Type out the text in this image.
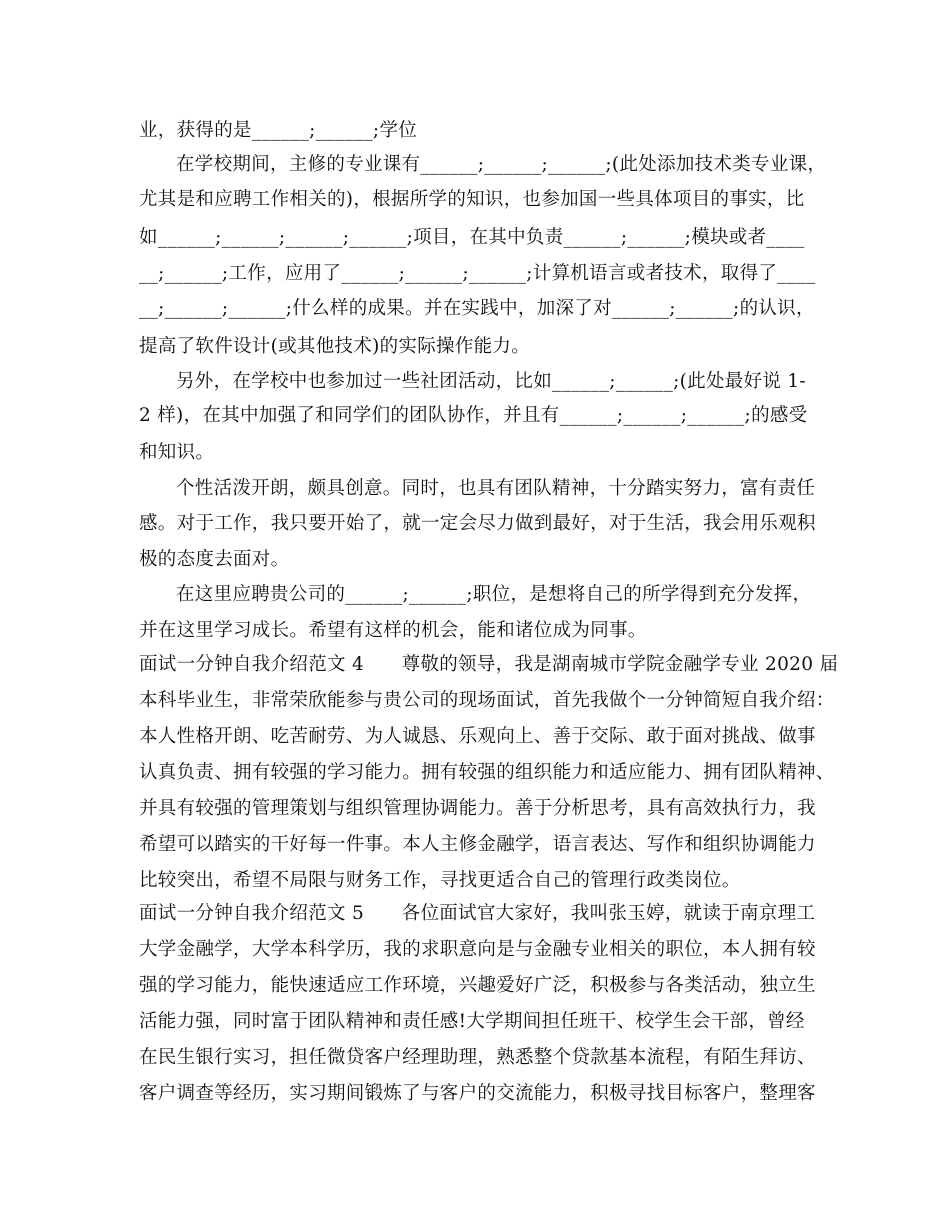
业，获得的是______;______;学位
在学校期间，主修的专业课有______;______;______;(此处添加技术类专业课，
尤其是和应聘工作相关的)，根据所学的知识，也参加国一些具体项目的事实，比
如______;______;______;______;项目，在其中负责______;______;模块或者____
__;______;工作，应用了______;______;______;计算机语言或者技术，取得了____
__;______;______;什么样的成果。并在实践中，加深了对______;______;的认识，
提高了软件设计(或其他技术)的实际操作能力。
另外，在学校中也参加过一些社团活动，比如______;______;(此处最好说 1-
2 样)，在其中加强了和同学们的团队协作，并且有______;______;______;的感受
和知识。
个性活泼开朗，颇具创意。同时，也具有团队精神，十分踏实努力，富有责任
感。对于工作，我只要开始了，就一定会尽力做到最好，对于生活，我会用乐观积
极的态度去面对。
在这里应聘贵公司的______;______;职位，是想将自己的所学得到充分发挥，
并在这里学习成长。希望有这样的机会，能和诸位成为同事。
面试一分钟自我介绍范文 4　　尊敬的领导，我是湖南城市学院金融学专业 2020 届
本科毕业生，非常荣欣能参与贵公司的现场面试，首先我做个一分钟简短自我介绍：
本人性格开朗、吃苦耐劳、为人诚恳、乐观向上、善于交际、敢于面对挑战、做事
认真负责、拥有较强的学习能力。拥有较强的组织能力和适应能力、拥有团队精神、
并具有较强的管理策划与组织管理协调能力。善于分析思考，具有高效执行力，我
希望可以踏实的干好每一件事。本人主修金融学，语言表达、写作和组织协调能力
比较突出，希望不局限与财务工作，寻找更适合自己的管理行政类岗位。
面试一分钟自我介绍范文 5　　各位面试官大家好，我叫张玉婷，就读于南京理工
大学金融学，大学本科学历，我的求职意向是与金融专业相关的职位，本人拥有较
强的学习能力，能快速适应工作环境，兴趣爱好广泛，积极参与各类活动，独立生
活能力强，同时富于团队精神和责任感!大学期间担任班干、校学生会干部，曾经
在民生银行实习，担任微贷客户经理助理，熟悉整个贷款基本流程，有陌生拜访、
客户调查等经历，实习期间锻炼了与客户的交流能力，积极寻找目标客户，整理客
